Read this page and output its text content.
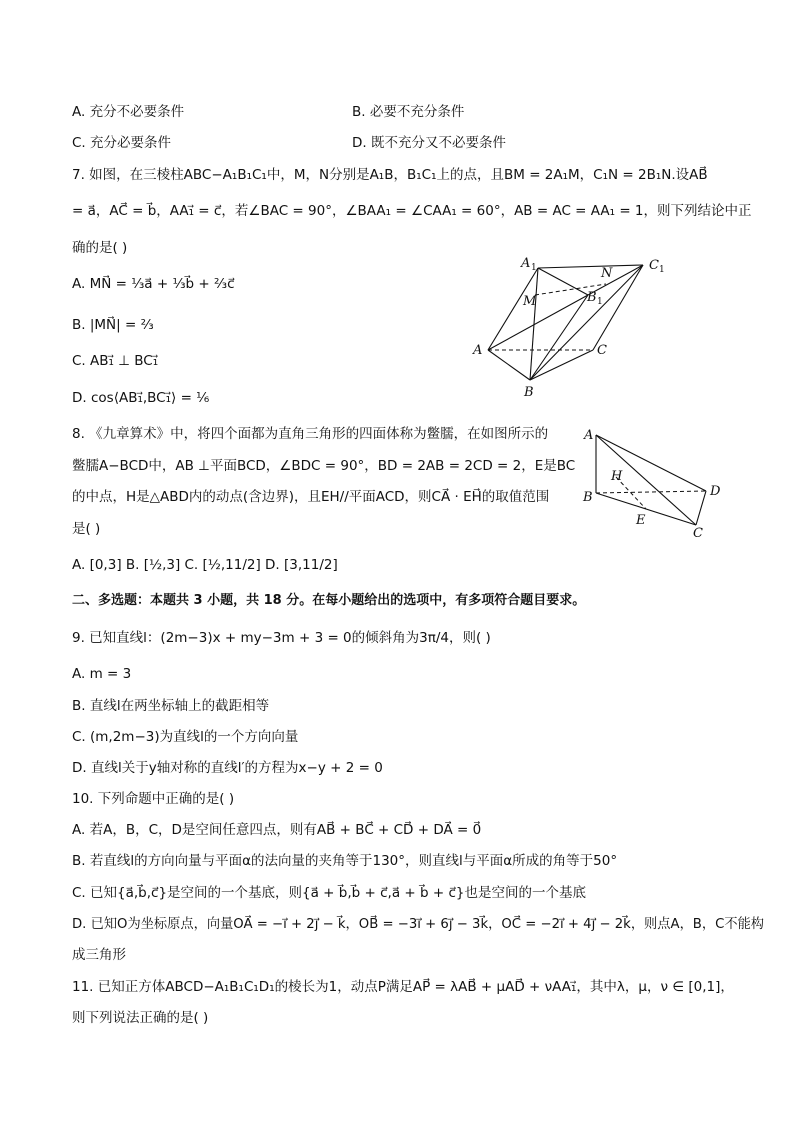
A. 充分不必要条件	B. 必要不充分条件
C. 充分必要条件	D. 既不充分又不必要条件
7. 如图，在三棱柱ABC−A₁B₁C₁中，M，N分别是A₁B，B₁C₁上的点，且BM = 2A₁M，C₁N = 2B₁N.设AB⃗
= a⃗，AC⃗ = b⃗，AA₁⃗ = c⃗，若∠BAC = 90°，∠BAA₁ = ∠CAA₁ = 60°，AB = AC = AA₁ = 1，则下列结论中正
确的是( )
A. MN⃗ = ⅓a⃗ + ⅓b⃗ + ⅔c⃗
B. |MN⃗| = ⅔
C. AB₁⃗ ⊥ BC₁⃗
D. cos⟨AB₁⃗,BC₁⃗⟩ = ⅙
A 1	C 1
N
M	B 1
A	C
B
8. 《九章算术》中，将四个面都为直角三角形的四面体称为鳖臑，在如图所示的
鳖臑A−BCD中，AB ⊥平面BCD，∠BDC = 90°，BD = 2AB = 2CD = 2，E是BC
的中点，H是△ABD内的动点(含边界)，且EH//平面ACD，则CA⃗ · EH⃗的取值范围
是( )
A. [0,3] B. [½,3] C. [½,11/2] D. [3,11/2]
A
H
D
B
E
C
二、多选题：本题共 3 小题，共 18 分。在每小题给出的选项中，有多项符合题目要求。
9. 已知直线l：(2m−3)x + my−3m + 3 = 0的倾斜角为3π/4，则( )
A. m = 3
B. 直线l在两坐标轴上的截距相等
C. (m,2m−3)为直线l的一个方向向量
D. 直线l关于y轴对称的直线l′的方程为x−y + 2 = 0
10. 下列命题中正确的是( )
A. 若A，B，C，D是空间任意四点，则有AB⃗ + BC⃗ + CD⃗ + DA⃗ = 0⃗
B. 若直线l的方向向量与平面α的法向量的夹角等于130°，则直线l与平面α所成的角等于50°
C. 已知{a⃗,b⃗,c⃗}是空间的一个基底，则{a⃗ + b⃗,b⃗ + c⃗,a⃗ + b⃗ + c⃗}也是空间的一个基底
D. 已知O为坐标原点，向量OA⃗ = −i⃗ + 2j⃗ − k⃗，OB⃗ = −3i⃗ + 6j⃗ − 3k⃗，OC⃗ = −2i⃗ + 4j⃗ − 2k⃗，则点A，B，C不能构
成三角形
11. 已知正方体ABCD−A₁B₁C₁D₁的棱长为1，动点P满足AP⃗ = λAB⃗ + μAD⃗ + νAA₁⃗，其中λ，μ，ν ∈ [0,1]，
则下列说法正确的是( )
